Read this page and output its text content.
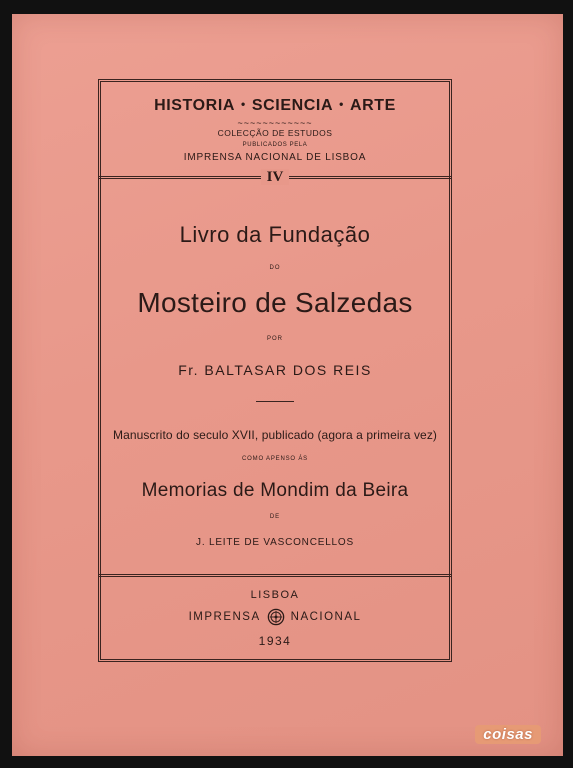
coisas
HISTORIA • SCIENCIA • ARTE
~~~~~~~~~~~~
COLECÇÃO DE ESTUDOS
PUBLICADOS PELA
IMPRENSA NACIONAL DE LISBOA
IV
Livro da Fundação
DO
Mosteiro de Salzedas
POR
Fr. BALTASAR DOS REIS
Manuscrito do seculo XVII, publicado (agora a primeira vez)
COMO APENSO ÁS
Memorias de Mondim da Beira
DE
J. LEITE DE VASCONCELLOS
LISBOA
IMPRENSA	NACIONAL
1934
